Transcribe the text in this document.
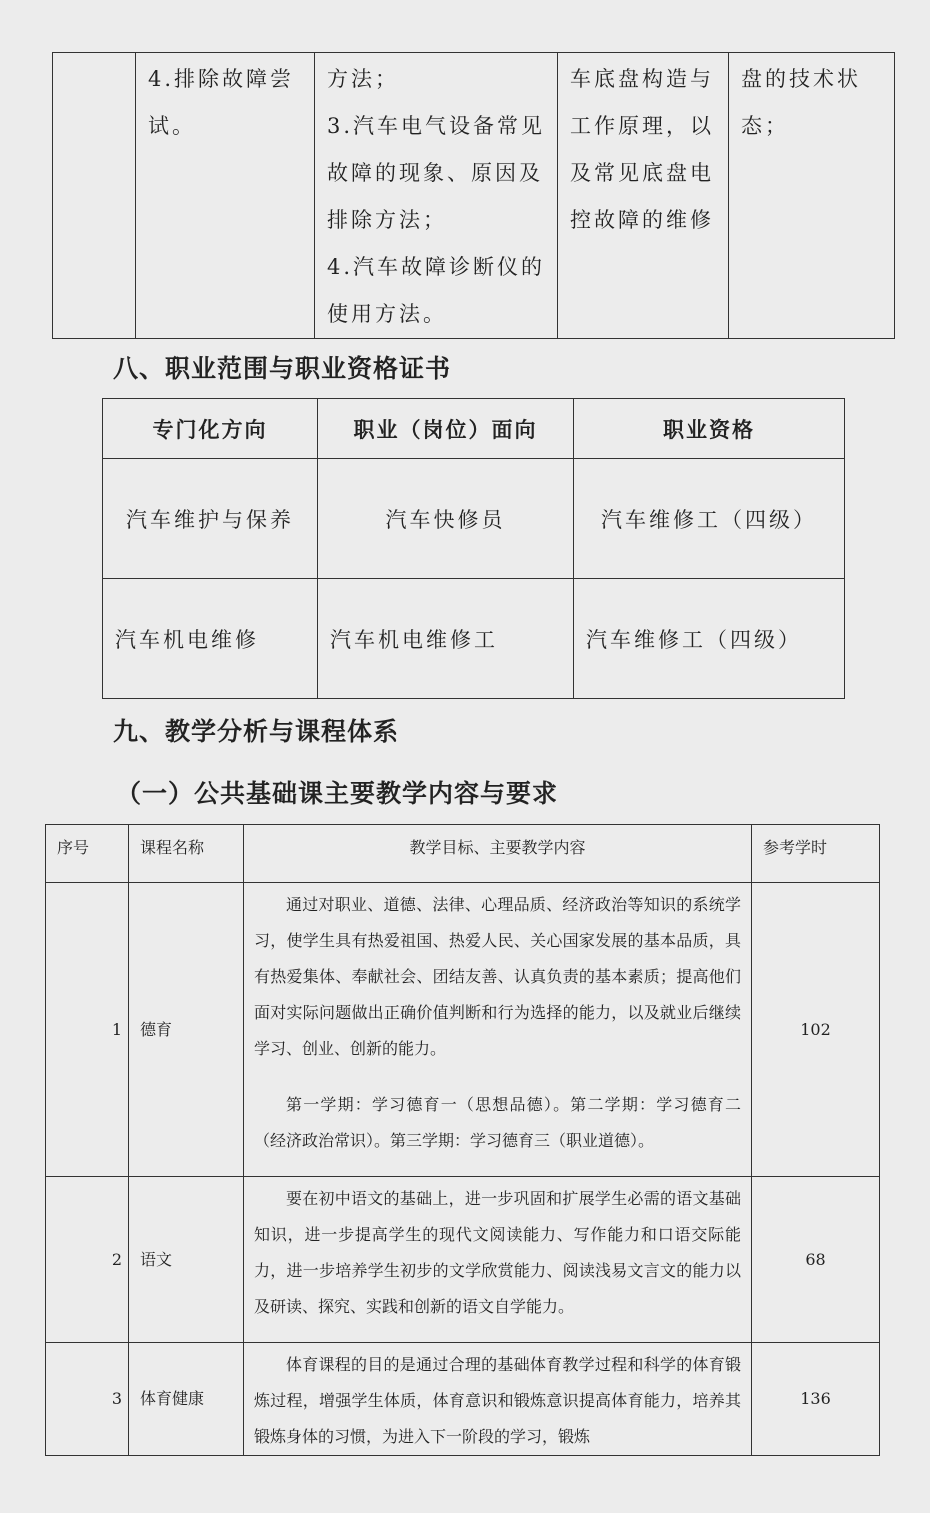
	4.排除故障尝试。	方法；
3.汽车电气设备常见故障的现象、原因及排除方法；
4.汽车故障诊断仪的使用方法。	车底盘构造与工作原理，以及常见底盘电控故障的维修	盘的技术状态；
八、职业范围与职业资格证书
专门化方向	职业（岗位）面向	职业资格
汽车维护与保养	汽车快修员	汽车维修工（四级）
汽车机电维修	汽车机电维修工	汽车维修工（四级）
九、教学分析与课程体系
（一）公共基础课主要教学内容与要求
序号	课程名称	教学目标、主要教学内容	参考学时
1	德育	通过对职业、道德、法律、心理品质、经济政治等知识的系统学习，使学生具有热爱祖国、热爱人民、关心国家发展的基本品质，具有热爱集体、奉献社会、团结友善、认真负责的基本素质；提高他们面对实际问题做出正确价值判断和行为选择的能力，以及就业后继续学习、创业、创新的能力。

第一学期：学习德育一（思想品德）。第二学期：学习德育二（经济政治常识）。第三学期：学习德育三（职业道德）。	102
2	语文	要在初中语文的基础上，进一步巩固和扩展学生必需的语文基础知识，进一步提高学生的现代文阅读能力、写作能力和口语交际能力，进一步培养学生初步的文学欣赏能力、阅读浅易文言文的能力以及研读、探究、实践和创新的语文自学能力。	68
3	体育健康	体育课程的目的是通过合理的基础体育教学过程和科学的体育锻炼过程，增强学生体质，体育意识和锻炼意识提高体育能力，培养其锻炼身体的习惯，为进入下一阶段的学习，锻炼	136
